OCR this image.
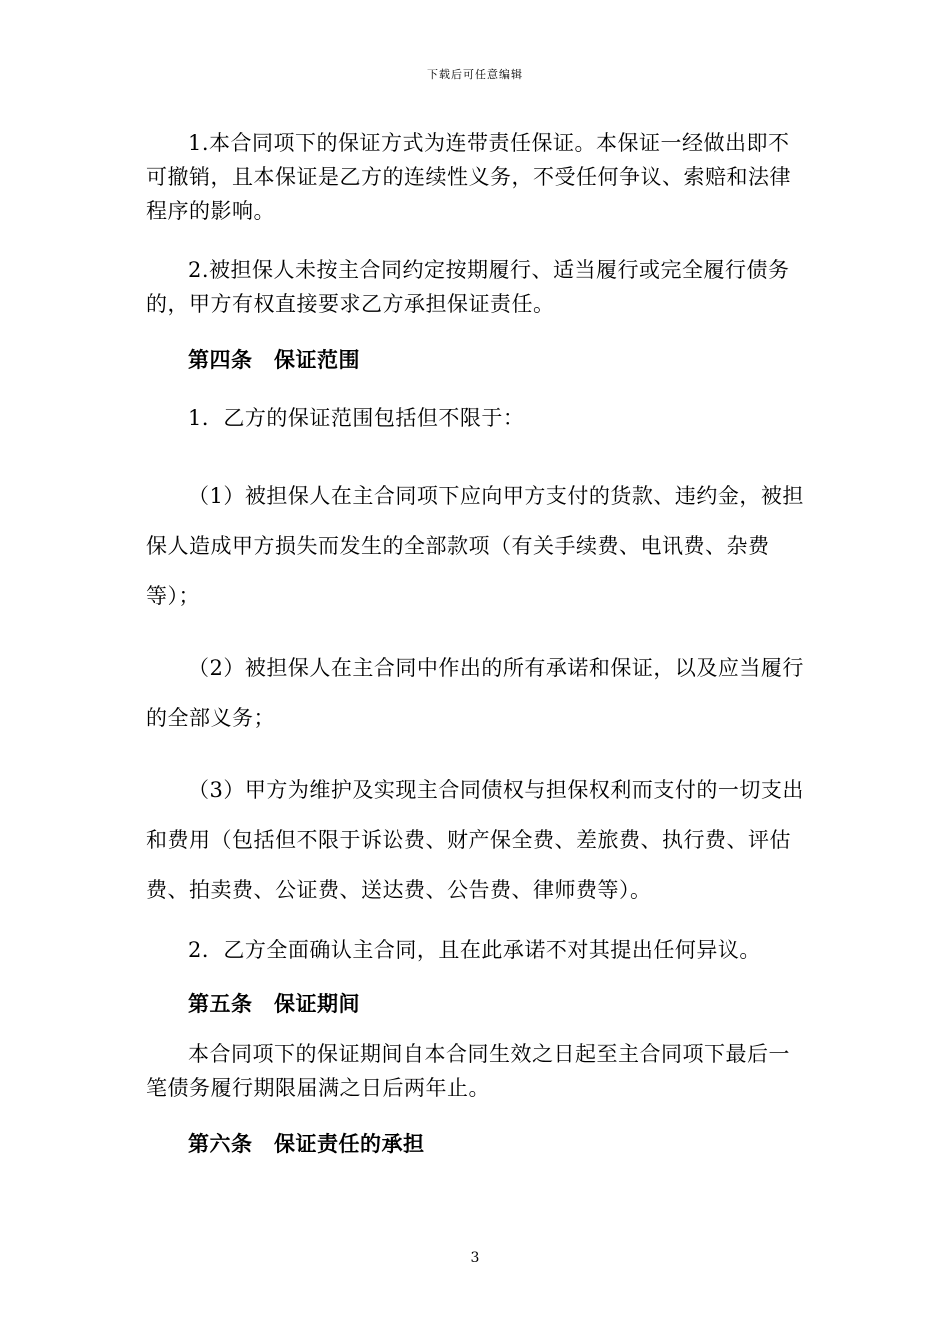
下载后可任意编辑

1.本合同项下的保证方式为连带责任保证。本保证一经做出即不可撤销，且本保证是乙方的连续性义务，不受任何争议、索赔和法律程序的影响。

2.被担保人未按主合同约定按期履行、适当履行或完全履行债务的，甲方有权直接要求乙方承担保证责任。

第四条　保证范围

1．乙方的保证范围包括但不限于：

（1）被担保人在主合同项下应向甲方支付的货款、违约金，被担保人造成甲方损失而发生的全部款项（有关手续费、电讯费、杂费等）；

（2）被担保人在主合同中作出的所有承诺和保证，以及应当履行的全部义务；

（3）甲方为维护及实现主合同债权与担保权利而支付的一切支出和费用（包括但不限于诉讼费、财产保全费、差旅费、执行费、评估费、拍卖费、公证费、送达费、公告费、律师费等）。

2．乙方全面确认主合同，且在此承诺不对其提出任何异议。

第五条　保证期间

本合同项下的保证期间自本合同生效之日起至主合同项下最后一笔债务履行期限届满之日后两年止。

第六条　保证责任的承担

3
